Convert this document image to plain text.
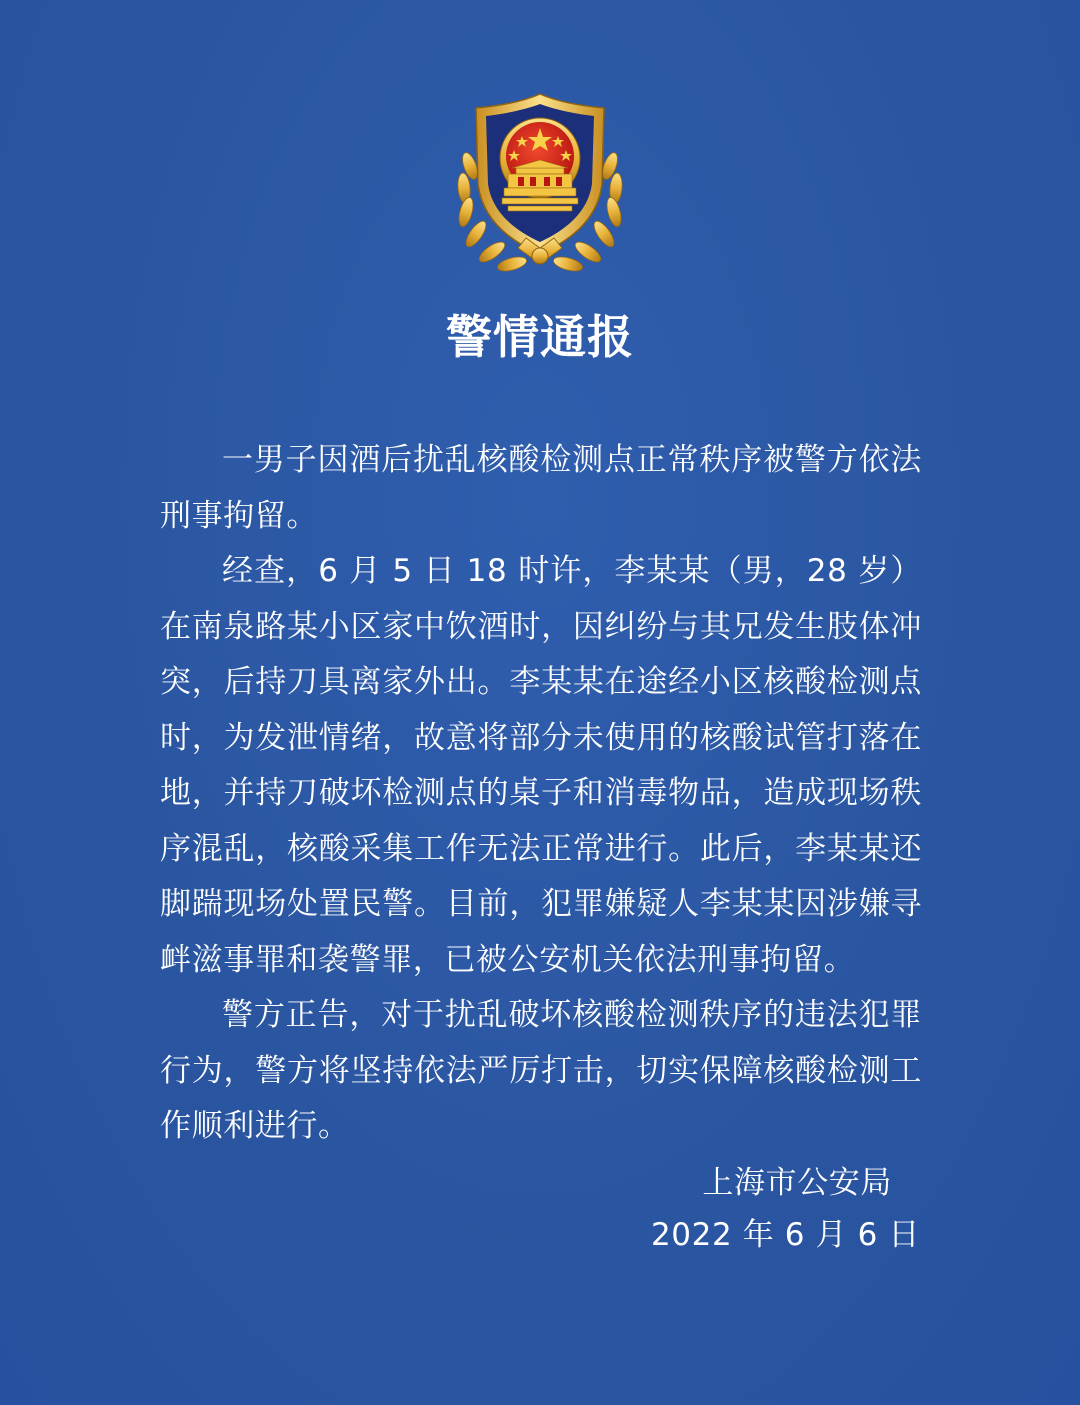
警情通报

一男子因酒后扰乱核酸检测点正常秩序被警方依法刑事拘留。

经查，6 月 5 日 18 时许，李某某（男，28 岁）在南泉路某小区家中饮酒时，因纠纷与其兄发生肢体冲突，后持刀具离家外出。李某某在途经小区核酸检测点时，为发泄情绪，故意将部分未使用的核酸试管打落在地，并持刀破坏检测点的桌子和消毒物品，造成现场秩序混乱，核酸采集工作无法正常进行。此后，李某某还脚踹现场处置民警。目前，犯罪嫌疑人李某某因涉嫌寻衅滋事罪和袭警罪，已被公安机关依法刑事拘留。

警方正告，对于扰乱破坏核酸检测秩序的违法犯罪行为，警方将坚持依法严厉打击，切实保障核酸检测工作顺利进行。

上海市公安局
2022 年 6 月 6 日
